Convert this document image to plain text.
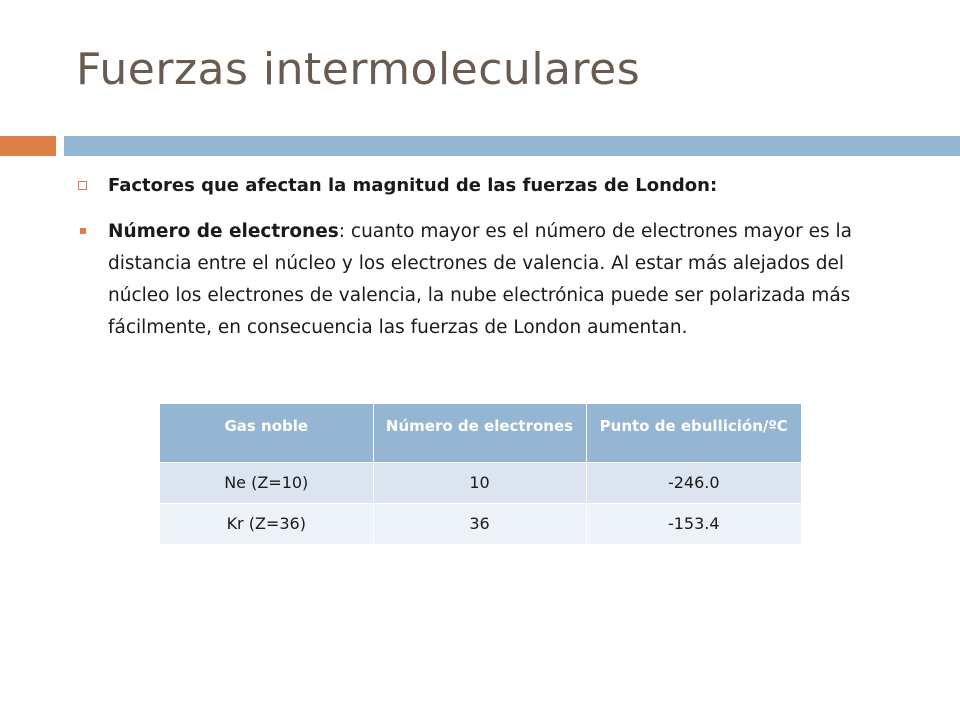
Fuerzas intermoleculares
Factores que afectan la magnitud de las fuerzas de London:
Número de electrones: cuanto mayor es el número de electrones mayor es la distancia entre el núcleo y los electrones de valencia. Al estar más alejados del núcleo los electrones de valencia, la nube electrónica puede ser polarizada más fácilmente, en consecuencia las fuerzas de London aumentan.
Gas noble	Número de electrones	Punto de ebullición/ºC
Ne (Z=10)	10	-246.0
Kr (Z=36)	36	-153.4
